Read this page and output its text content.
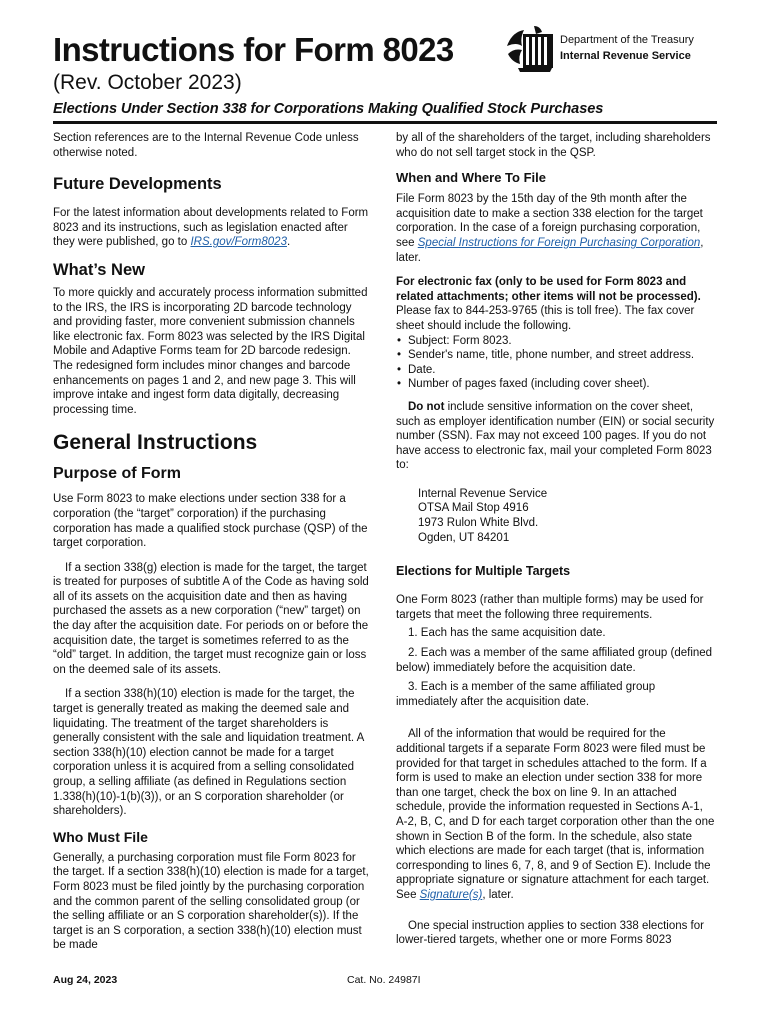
Instructions for Form 8023
(Rev. October 2023)
Elections Under Section 338 for Corporations Making Qualified Stock Purchases
Department of the Treasury
Internal Revenue Service

Section references are to the Internal Revenue Code unless otherwise noted.

Future Developments

For the latest information about developments related to Form 8023 and its instructions, such as legislation enacted after they were published, go to IRS.gov/Form8023.

What’s New

To more quickly and accurately process information submitted to the IRS, the IRS is incorporating 2D barcode technology and providing faster, more convenient submission channels like electronic fax. Form 8023 was selected by the IRS Digital Mobile and Adaptive Forms team for 2D barcode redesign. The redesigned form includes minor changes and barcode enhancements on pages 1 and 2, and new page 3. This will improve intake and ingest form data digitally, decreasing processing time.

General Instructions
Purpose of Form

Use Form 8023 to make elections under section 338 for a corporation (the “target” corporation) if the purchasing corporation has made a qualified stock purchase (QSP) of the target corporation.

If a section 338(g) election is made for the target, the target is treated for purposes of subtitle A of the Code as having sold all of its assets on the acquisition date and then as having purchased the assets as a new corporation (“new” target) on the day after the acquisition date. For periods on or before the acquisition date, the target is sometimes referred to as the “old” target. In addition, the target must recognize gain or loss on the deemed sale of its assets.

If a section 338(h)(10) election is made for the target, the target is generally treated as making the deemed sale and liquidating. The treatment of the target shareholders is generally consistent with the sale and liquidation treatment. A section 338(h)(10) election cannot be made for a target corporation unless it is acquired from a selling consolidated group, a selling affiliate (as defined in Regulations section 1.338(h)(10)-1(b)(3)), or an S corporation shareholder (or shareholders).

Who Must File

Generally, a purchasing corporation must file Form 8023 for the target. If a section 338(h)(10) election is made for a target, Form 8023 must be filed jointly by the purchasing corporation and the common parent of the selling consolidated group (or the selling affiliate or an S corporation shareholder(s)). If the target is an S corporation, a section 338(h)(10) election must be made

by all of the shareholders of the target, including shareholders who do not sell target stock in the QSP.

When and Where To File

File Form 8023 by the 15th day of the 9th month after the acquisition date to make a section 338 election for the target corporation. In the case of a foreign purchasing corporation, see Special Instructions for Foreign Purchasing Corporation, later.

For electronic fax (only to be used for Form 8023 and related attachments; other items will not be processed). Please fax to 844-253-9765 (this is toll free). The fax cover sheet should include the following.

• Subject: Form 8023.
• Sender's name, title, phone number, and street address.
• Date.
• Number of pages faxed (including cover sheet).

Do not include sensitive information on the cover sheet, such as employer identification number (EIN) or social security number (SSN). Fax may not exceed 100 pages. If you do not have access to electronic fax, mail your completed Form 8023 to:

Internal Revenue Service
OTSA Mail Stop 4916
1973 Rulon White Blvd.
Ogden, UT 84201
Elections for Multiple Targets

One Form 8023 (rather than multiple forms) may be used for targets that meet the following three requirements.

1. Each has the same acquisition date.
2. Each was a member of the same affiliated group (defined below) immediately before the acquisition date.
3. Each is a member of the same affiliated group immediately after the acquisition date.

All of the information that would be required for the additional targets if a separate Form 8023 were filed must be provided for that target in schedules attached to the form. If a form is used to make an election under section 338 for more than one target, check the box on line 9. In an attached schedule, provide the information requested in Sections A-1, A-2, B, C, and D for each target corporation other than the one shown in Section B of the form. In the schedule, also state which elections are made for each target (that is, information corresponding to lines 6, 7, 8, and 9 of Section E). Include the appropriate signature or signature attachment for each target. See Signature(s), later.

One special instruction applies to section 338 elections for lower-tiered targets, whether one or more Forms 8023

Aug 24, 2023	Cat. No. 24987I
